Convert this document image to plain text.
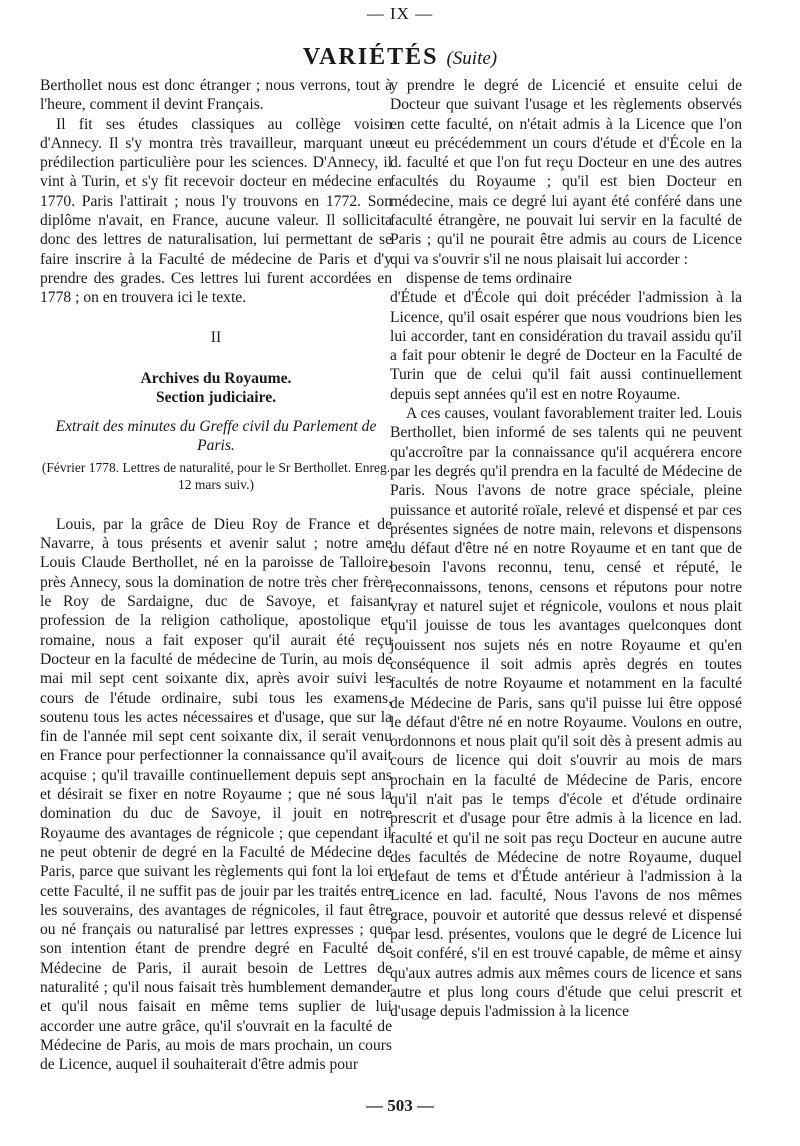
— IX —
VARIÉTÉS (Suite)

Berthollet nous est donc étranger ; nous verrons, tout à l'heure, comment il devint Français.

Il fit ses études classiques au collège voisin d'Annecy. Il s'y montra très travailleur, marquant une prédilection particulière pour les sciences. D'Annecy, il vint à Turin, et s'y fit recevoir docteur en médecine en 1770. Paris l'attirait ; nous l'y trouvons en 1772. Son diplôme n'avait, en France, aucune valeur. Il sollicita donc des lettres de naturalisation, lui permettant de se faire inscrire à la Faculté de médecine de Paris et d'y prendre des grades. Ces lettres lui furent accordées en 1778 ; on en trouvera ici le texte.

II
Archives du Royaume.
Section judiciaire.
Extrait des minutes du Greffe civil du Parlement de Paris.
(Février 1778. Lettres de naturalité, pour le Sr Berthollet. Enreg. 12 mars suiv.)

Louis, par la grâce de Dieu Roy de France et de Navarre, à tous présents et avenir salut ; notre ame Louis Claude Berthollet, né en la paroisse de Talloire, près Annecy, sous la domination de notre très cher frère le Roy de Sardaigne, duc de Savoye, et faisant profession de la religion catholique, apostolique et romaine, nous a fait exposer qu'il aurait été reçu Docteur en la faculté de médecine de Turin, au mois de mai mil sept cent soixante dix, après avoir suivi les cours de l'étude ordinaire, subi tous les examens, soutenu tous les actes nécessaires et d'usage, que sur la fin de l'année mil sept cent soixante dix, il serait venu en France pour perfectionner la connaissance qu'il avait acquise ; qu'il travaille continuellement depuis sept ans et désirait se fixer en notre Royaume ; que né sous la domination du duc de Savoye, il jouit en notre Royaume des avantages de régnicole ; que cependant il ne peut obtenir de degré en la Faculté de Médecine de Paris, parce que suivant les règlements qui font la loi en cette Faculté, il ne suffit pas de jouir par les traités entre les souverains, des avantages de régnicoles, il faut être ou né français ou naturalisé par lettres expresses ; que son intention étant de prendre degré en Faculté de Médecine de Paris, il aurait besoin de Lettres de naturalité ; qu'il nous faisait très humblement demander et qu'il nous faisait en même tems suplier de lui accorder une autre grâce, qu'il s'ouvrait en la faculté de Médecine de Paris, au mois de mars prochain, un cours de Licence, auquel il souhaiterait d'être admis pour

y prendre le degré de Licencié et ensuite celui de Docteur que suivant l'usage et les règlements observés en cette faculté, on n'était admis à la Licence que l'on eut eu précédemment un cours d'étude et d'École en la d. faculté et que l'on fut reçu Docteur en une des autres facultés du Royaume ; qu'il est bien Docteur en médecine, mais ce degré lui ayant été conféré dans une faculté étrangère, ne pouvait lui servir en la faculté de Paris ; qu'il ne pourait être admis au cours de Licence qui va s'ouvrir s'il ne nous plaisait lui accorder :

dispense de tems ordinaire

d'Étude et d'École qui doit précéder l'admission à la Licence, qu'il osait espérer que nous voudrions bien les lui accorder, tant en considération du travail assidu qu'il a fait pour obtenir le degré de Docteur en la Faculté de Turin que de celui qu'il fait aussi continuellement depuis sept années qu'il est en notre Royaume.

A ces causes, voulant favorablement traiter led. Louis Berthollet, bien informé de ses talents qui ne peuvent qu'accroître par la connaissance qu'il acquérera encore par les degrés qu'il prendra en la faculté de Médecine de Paris. Nous l'avons de notre grace spéciale, pleine puissance et autorité roïale, relevé et dispensé et par ces présentes signées de notre main, relevons et dispensons du défaut d'être né en notre Royaume et en tant que de besoin l'avons reconnu, tenu, censé et réputé, le reconnaissons, tenons, censons et réputons pour notre vray et naturel sujet et régnicole, voulons et nous plait qu'il jouisse de tous les avantages quelconques dont jouissent nos sujets nés en notre Royaume et qu'en conséquence il soit admis après degrés en toutes facultés de notre Royaume et notamment en la faculté de Médecine de Paris, sans qu'il puisse lui être opposé le défaut d'être né en notre Royaume. Voulons en outre, ordonnons et nous plait qu'il soit dès à present admis au cours de licence qui doit s'ouvrir au mois de mars prochain en la faculté de Médecine de Paris, encore qu'il n'ait pas le temps d'école et d'étude ordinaire prescrit et d'usage pour être admis à la licence en lad. faculté et qu'il ne soit pas reçu Docteur en aucune autre des facultés de Médecine de notre Royaume, duquel defaut de tems et d'Étude antérieur à l'admission à la Licence en lad. faculté, Nous l'avons de nos mêmes grace, pouvoir et autorité que dessus relevé et dispensé par lesd. présentes, voulons que le degré de Licence lui soit conféré, s'il en est trouvé capable, de même et ainsy qu'aux autres admis aux mêmes cours de licence et sans autre et plus long cours d'étude que celui prescrit et d'usage depuis l'admission à la licence

— 503 —
